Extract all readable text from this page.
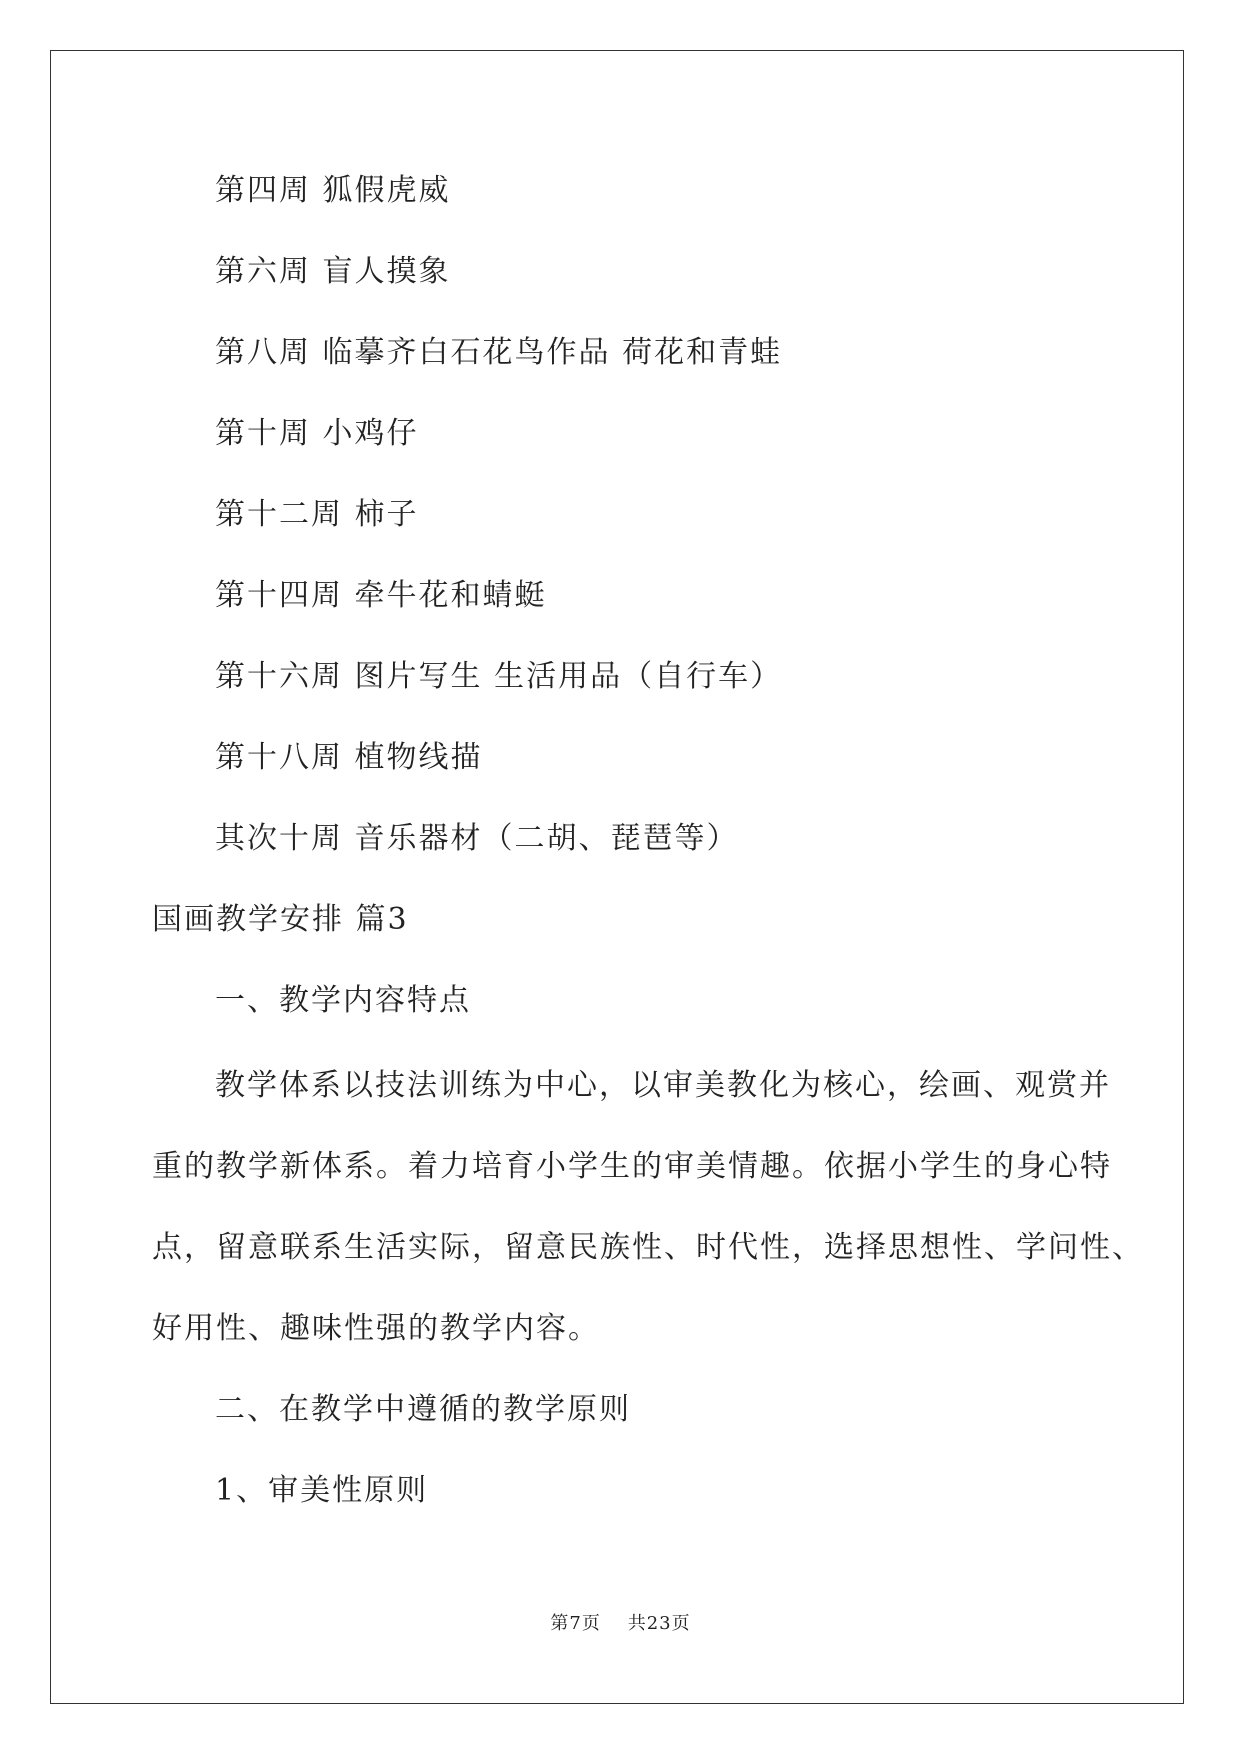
第四周 狐假虎威
第六周 盲人摸象
第八周 临摹齐白石花鸟作品 荷花和青蛙
第十周 小鸡仔
第十二周 柿子
第十四周 牵牛花和蜻蜓
第十六周 图片写生 生活用品（自行车）
第十八周 植物线描
其次十周 音乐器材（二胡、琵琶等）
国画教学安排 篇3
一、教学内容特点
教学体系以技法训练为中心，以审美教化为核心，绘画、观赏并
重的教学新体系。着力培育小学生的审美情趣。依据小学生的身心特
点，留意联系生活实际，留意民族性、时代性，选择思想性、学问性、
好用性、趣味性强的教学内容。
二、在教学中遵循的教学原则
1、审美性原则
第7页 共23页
